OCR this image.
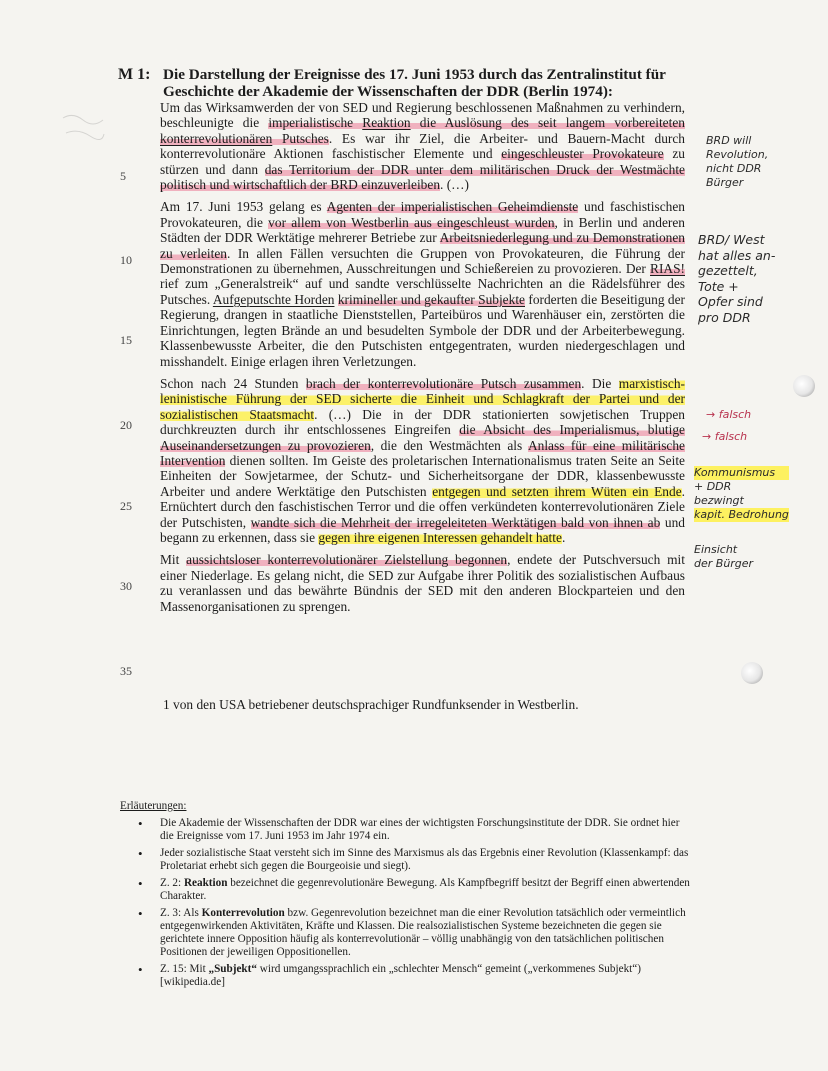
M 1: Die Darstellung der Ereignisse des 17. Juni 1953 durch das Zentralinstitut für Geschichte der Akademie der Wissenschaften der DDR (Berlin 1974):

Um das Wirksamwerden der von SED und Regierung beschlossenen Maßnahmen zu verhindern, beschleunigte die imperialistische Reaktion die Auslösung des seit langem vorbereiteten konterrevolutionären Putsches. Es war ihr Ziel, die Arbeiter- und Bauern-Macht durch konterrevolutionäre Aktionen faschistischer Elemente und eingeschleuster Provokateure zu stürzen und dann das Territorium der DDR unter dem militärischen Druck der Westmächte politisch und wirtschaftlich der BRD einzuverleiben. (…)

Am 17. Juni 1953 gelang es Agenten der imperialistischen Geheimdienste und faschistischen Provokateuren, die vor allem von Westberlin aus eingeschleust wurden, in Berlin und anderen Städten der DDR Werktätige mehrerer Betriebe zur Arbeitsniederlegung und zu Demonstrationen zu verleiten. In allen Fällen versuchten die Gruppen von Provokateuren, die Führung der Demonstrationen zu übernehmen, Ausschreitungen und Schießereien zu provozieren. Der RIAS! rief zum „Generalstreik“ auf und sandte verschlüsselte Nachrichten an die Rädelsführer des Putsches. Aufgeputschte Horden krimineller und gekaufter Subjekte forderten die Beseitigung der Regierung, drangen in staatliche Dienststellen, Parteibüros und Warenhäuser ein, zerstörten die Einrichtungen, legten Brände an und besudelten Symbole der DDR und der Arbeiterbewegung. Klassenbewusste Arbeiter, die den Putschisten entgegentraten, wurden niedergeschlagen und misshandelt. Einige erlagen ihren Verletzungen.

Schon nach 24 Stunden brach der konterrevolutionäre Putsch zusammen. Die marxistisch-leninistische Führung der SED sicherte die Einheit und Schlagkraft der Partei und der sozialistischen Staatsmacht. (…) Die in der DDR stationierten sowjetischen Truppen durchkreuzten durch ihr entschlossenes Eingreifen die Absicht des Imperialismus, blutige Auseinandersetzungen zu provozieren, die den Westmächten als Anlass für eine militärische Intervention dienen sollten. Im Geiste des proletarischen Internationalismus traten Seite an Seite Einheiten der Sowjetarmee, der Schutz- und Sicherheitsorgane der DDR, klassenbewusste Arbeiter und andere Werktätige den Putschisten entgegen und setzten ihrem Wüten ein Ende. Ernüchtert durch den faschistischen Terror und die offen verkündeten konterrevolutionären Ziele der Putschisten, wandte sich die Mehrheit der irregeleiteten Werktätigen bald von ihnen ab und begann zu erkennen, dass sie gegen ihre eigenen Interessen gehandelt hatte.

Mit aussichtsloser konterrevolutionärer Zielstellung begonnen, endete der Putschversuch mit einer Niederlage. Es gelang nicht, die SED zur Aufgabe ihrer Politik des sozialistischen Aufbaus zu veranlassen und das bewährte Bündnis der SED mit den anderen Blockparteien und den Massenorganisationen zu sprengen.

5
10
15
20
25
30
35
1 von den USA betriebener deutschsprachiger Rundfunksender in Westberlin.
Erläuterungen:
• Die Akademie der Wissenschaften der DDR war eines der wichtigsten Forschungsinstitute der DDR. Sie ordnet hier die Ereignisse vom 17. Juni 1953 im Jahr 1974 ein.
• Jeder sozialistische Staat versteht sich im Sinne des Marxismus als das Ergebnis einer Revolution (Klassenkampf: das Proletariat erhebt sich gegen die Bourgeoisie und siegt).
• Z. 2: Reaktion bezeichnet die gegenrevolutionäre Bewegung. Als Kampfbegriff besitzt der Begriff einen abwertenden Charakter.
• Z. 3: Als Konterrevolution bzw. Gegenrevolution bezeichnet man die einer Revolution tatsächlich oder vermeintlich entgegenwirkenden Aktivitäten, Kräfte und Klassen. Die realsozialistischen Systeme bezeichneten die gegen sie gerichtete innere Opposition häufig als konterrevolutionär – völlig unabhängig von den tatsächlichen politischen Positionen der jeweiligen Oppositionellen.
• Z. 15: Mit „Subjekt“ wird umgangssprachlich ein „schlechter Mensch“ gemeint („verkommenes Subjekt“) [wikipedia.de]
BRD will
Revolution,
nicht DDR
Bürger
BRD/ West
hat alles an-
gezettelt,
Tote +
Opfer sind
pro DDR
→ falsch
→ falsch
Kommunismus
+ DDR
bezwingt
kapit. Bedrohung
Einsicht
der Bürger
